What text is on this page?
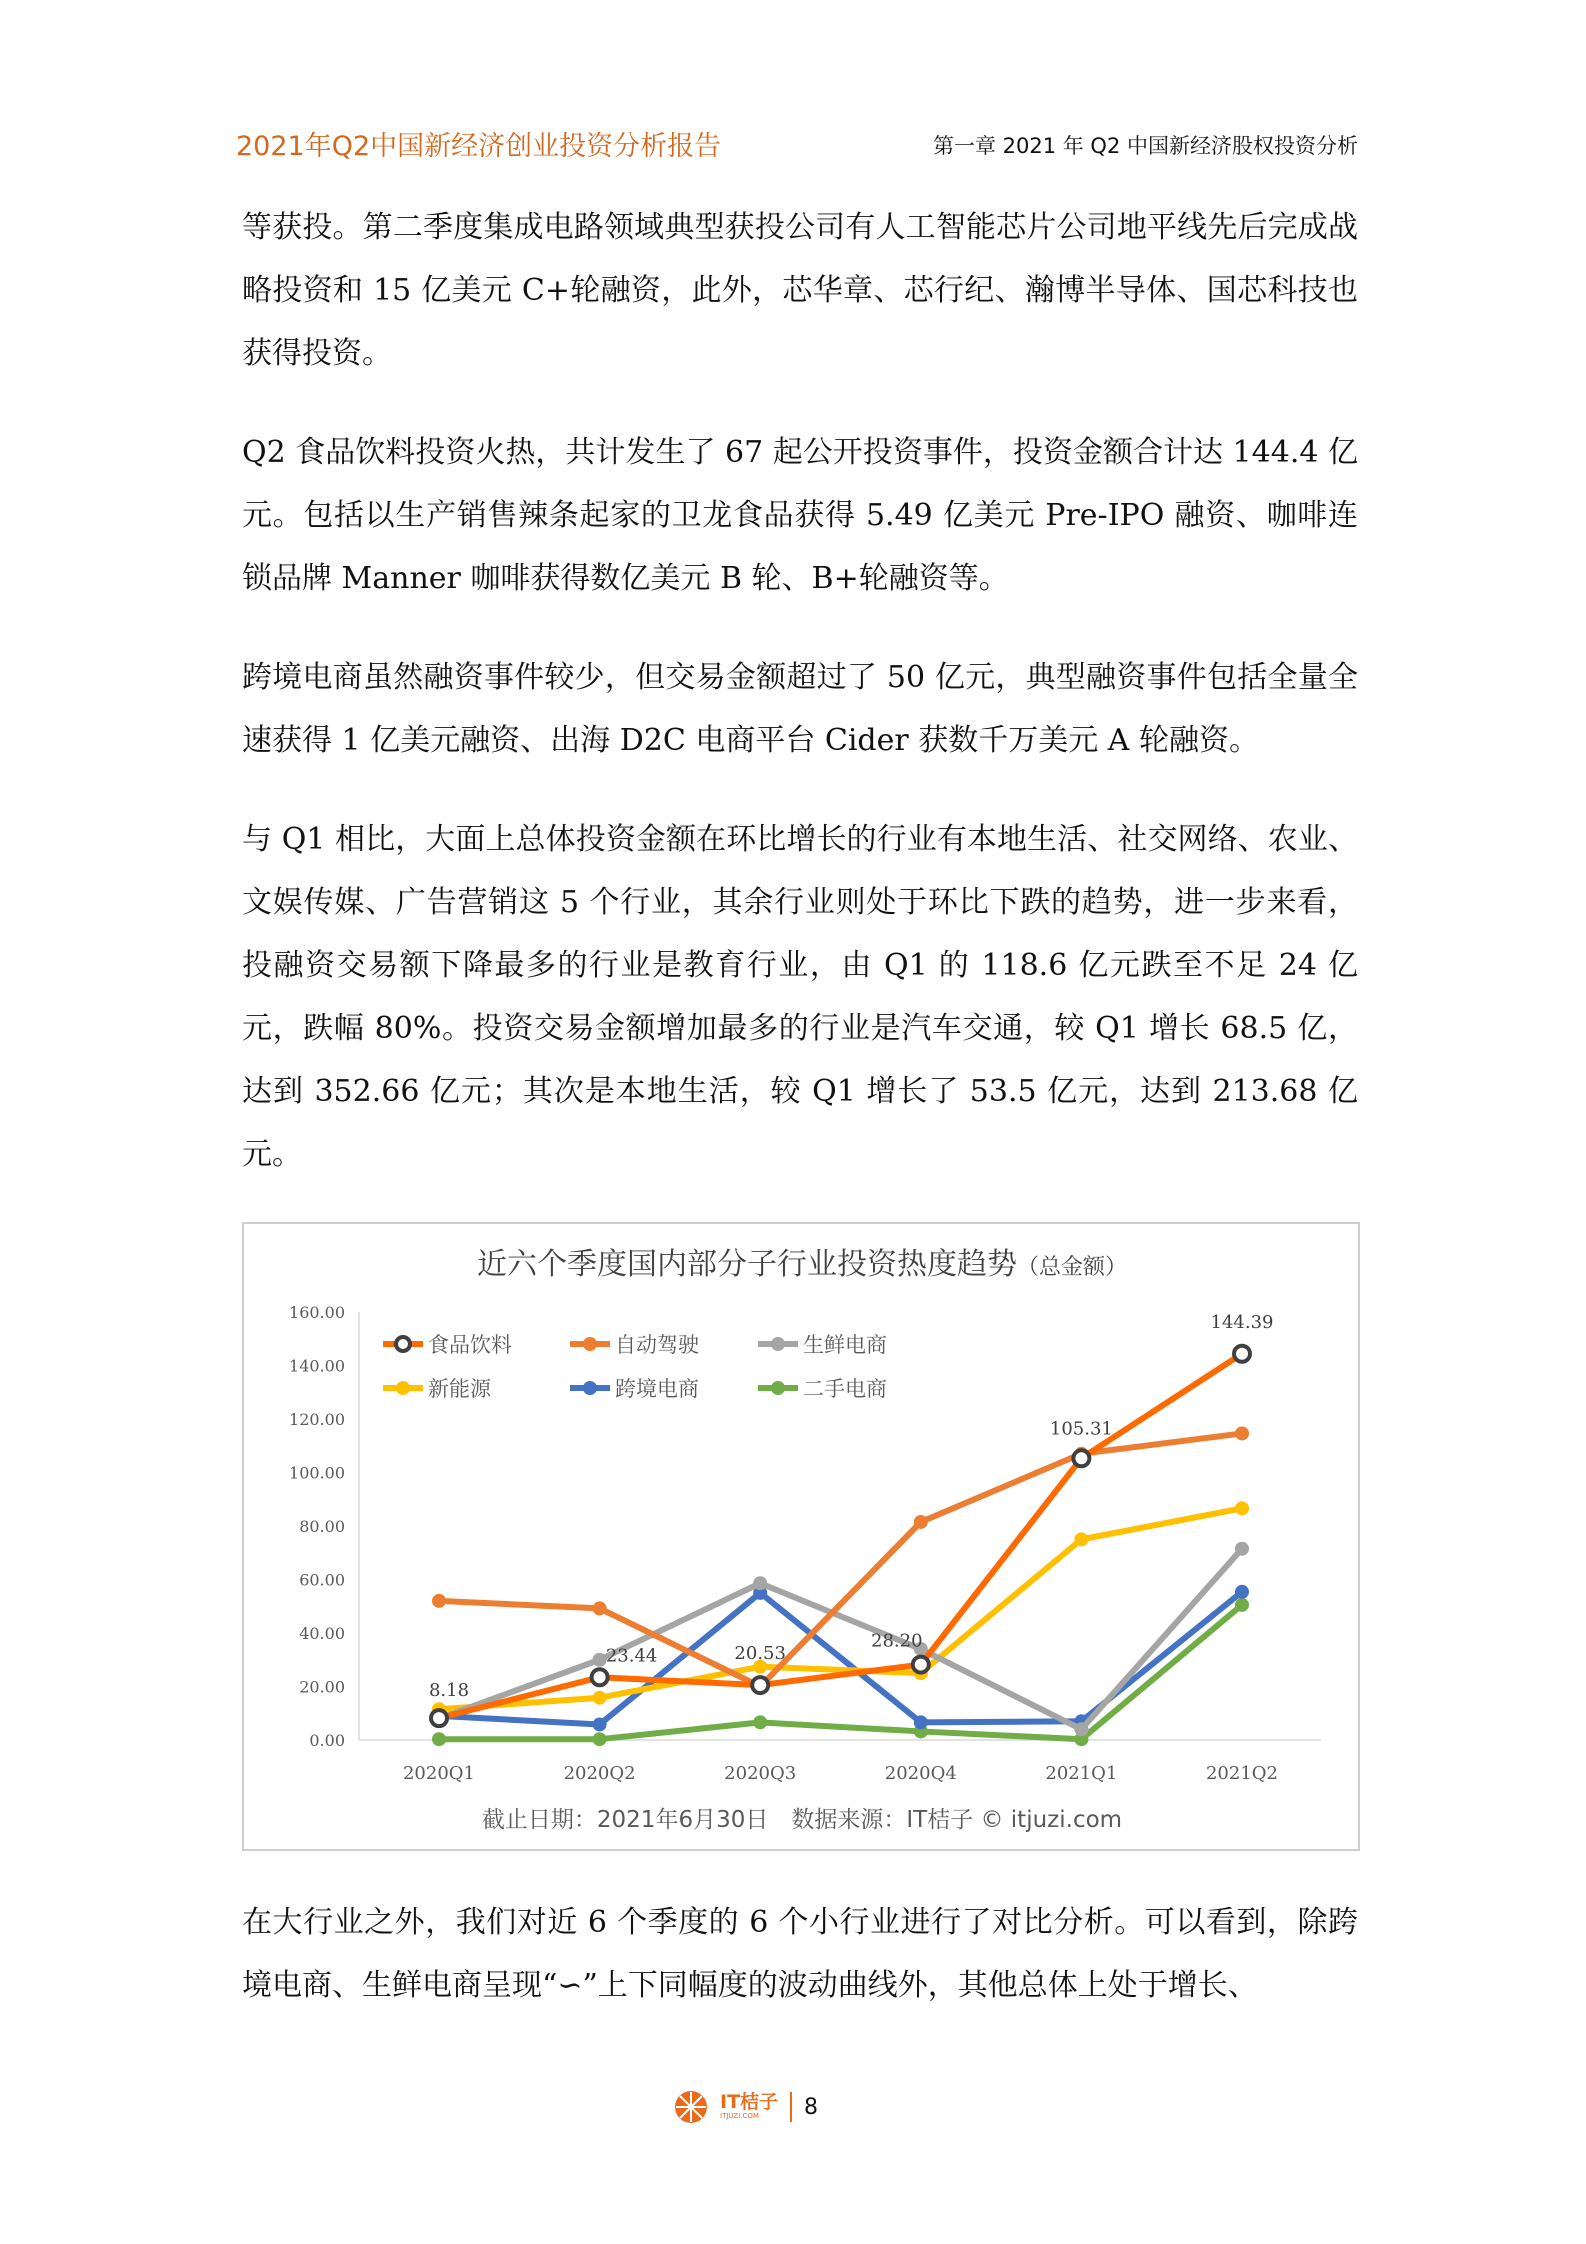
2021年Q2中国新经济创业投资分析报告	第一章 2021 年 Q2 中国新经济股权投资分析

等获投。第二季度集成电路领域典型获投公司有人工智能芯片公司地平线先后完成战略投资和 15 亿美元 C+轮融资，此外，芯华章、芯行纪、瀚博半导体、国芯科技也获得投资。

Q2 食品饮料投资火热，共计发生了 67 起公开投资事件，投资金额合计达 144.4 亿元。包括以生产销售辣条起家的卫龙食品获得 5.49 亿美元 Pre-IPO 融资、咖啡连锁品牌 Manner 咖啡获得数亿美元 B 轮、B+轮融资等。

跨境电商虽然融资事件较少，但交易金额超过了 50 亿元，典型融资事件包括全量全速获得 1 亿美元融资、出海 D2C 电商平台 Cider 获数千万美元 A 轮融资。

与 Q1 相比，大面上总体投资金额在环比增长的行业有本地生活、社交网络、农业、文娱传媒、广告营销这 5 个行业，其余行业则处于环比下跌的趋势，进一步来看，投融资交易额下降最多的行业是教育行业，由 Q1 的 118.6 亿元跌至不足 24 亿元，跌幅 80%。投资交易金额增加最多的行业是汽车交通，较 Q1 增长 68.5 亿，达到 352.66 亿元；其次是本地生活，较 Q1 增长了 53.5 亿元，达到 213.68 亿元。

近六个季度国内部分子行业投资热度趋势（总金额）
0.00
20.00
40.00
60.00
80.00
100.00
120.00
140.00
160.00
2020Q1	2020Q2	2020Q3	2020Q4	2021Q1	2021Q2
8.18
23.44	20.53
28.20
105.31
144.39
食品饮料	自动驾驶	生鲜电商
新能源	跨境电商	二手电商
截止日期：2021年6月30日　数据来源：IT桔子 © itjuzi.com

在大行业之外，我们对近 6 个季度的 6 个小行业进行了对比分析。可以看到，除跨境电商、生鲜电商呈现“∽”上下同幅度的波动曲线外，其他总体上处于增长、

IT桔子
ITJUZI.COM	8
